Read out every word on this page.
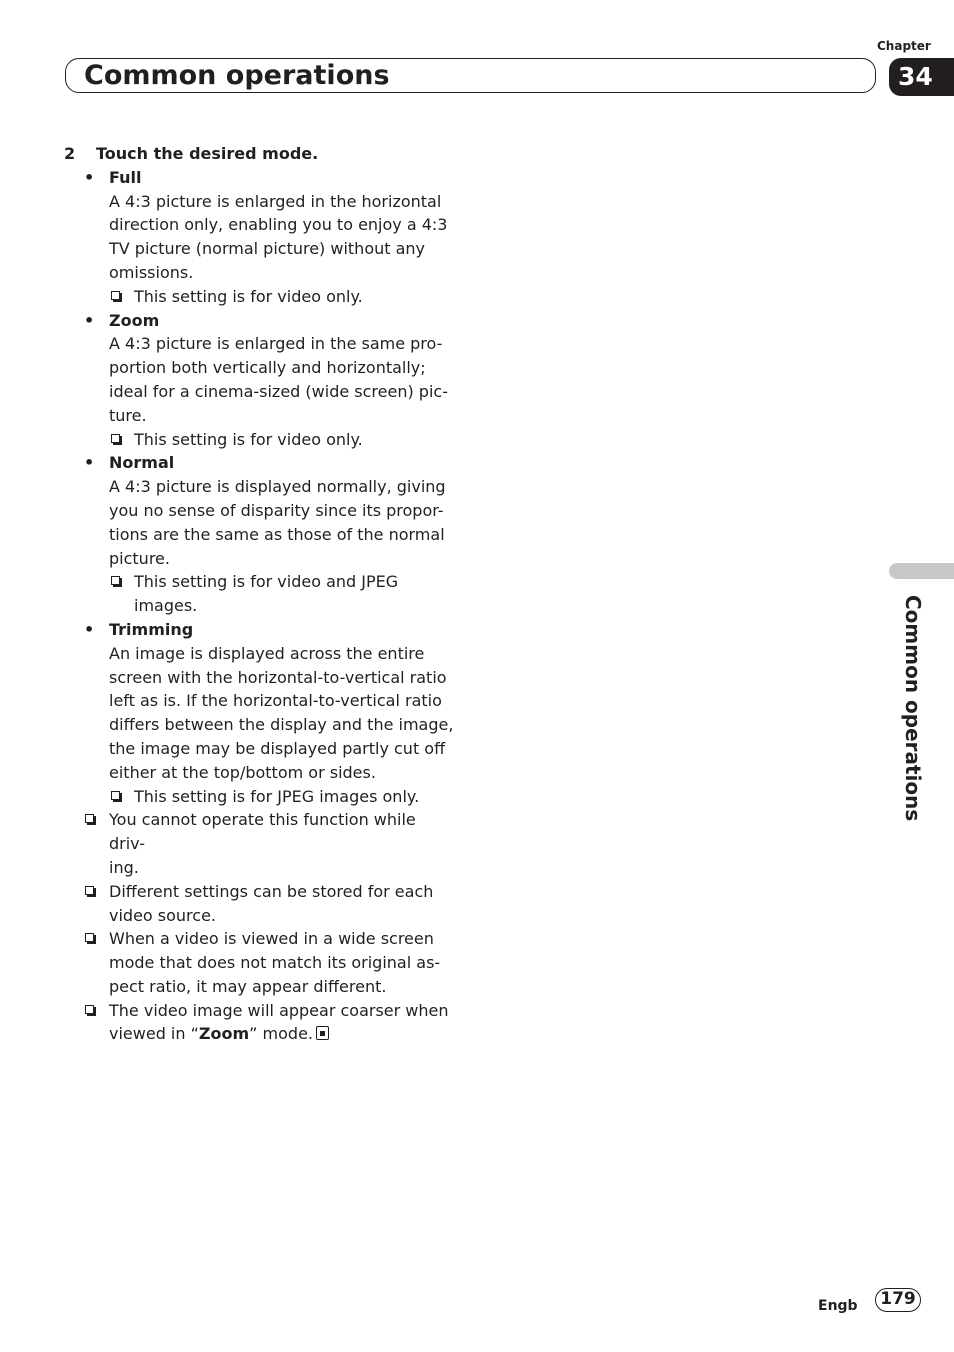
Chapter
34
Common operations
Common operations
2	Touch the desired mode.
• Full
A 4:3 picture is enlarged in the horizontal
direction only, enabling you to enjoy a 4:3
TV picture (normal picture) without any
omissions.
This setting is for video only.
• Zoom
A 4:3 picture is enlarged in the same pro-
portion both vertically and horizontally;
ideal for a cinema-sized (wide screen) pic-
ture.
This setting is for video only.
• Normal
A 4:3 picture is displayed normally, giving
you no sense of disparity since its propor-
tions are the same as those of the normal
picture.
This setting is for video and JPEG
images.
• Trimming
An image is displayed across the entire
screen with the horizontal-to-vertical ratio
left as is. If the horizontal-to-vertical ratio
differs between the display and the image,
the image may be displayed partly cut off
either at the top/bottom or sides.
This setting is for JPEG images only.
You cannot operate this function while driv-
ing.
Different settings can be stored for each
video source.
When a video is viewed in a wide screen
mode that does not match its original as-
pect ratio, it may appear different.
The video image will appear coarser when
viewed in “Zoom” mode.
Engb	179
